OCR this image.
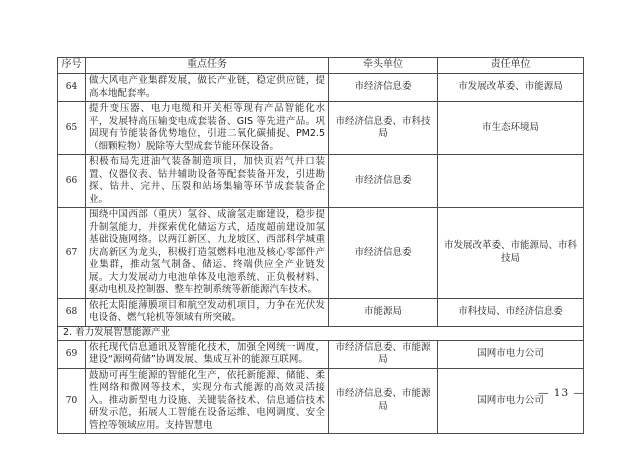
序号	重点任务	牵头单位	责任单位
64	做大风电产业集群发展，做长产业链，稳定供应链，提高本地配套率。	市经济信息委	市发展改革委、市能源局
65	提升变压器、电力电缆和开关柜等现有产品智能化水平，发展特高压输变电成套装备、GIS 等先进产品。巩固现有节能装备优势地位，引进二氧化碳捕捉、PM2.5（细颗粒物）脱除等大型成套节能环保设备。	市经济信息委、市科技局	市生态环境局
66	积极布局先进油气装备制造项目，加快页岩气井口装置、仪器仪表、钻井辅助设备等配套装备开发，引进勘探、钻井、完井、压裂和站场集输等环节成套装备企业。	市经济信息委	
67	围绕中国西部（重庆）氢谷、成渝氢走廊建设，稳步提升制氢能力，并探索优化储运方式，适度超前建设加氢基础设施网络。以两江新区、九龙坡区、西部科学城重庆高新区为龙头，积极打造氢燃料电池及核心零部件产业集群，推动氢气制备、储运、终端供应全产业链发展。大力发展动力电池单体及电池系统、正负极材料、驱动电机及控制器、整车控制系统等新能源汽车技术。	市经济信息委	市发展改革委、市能源局、市科技局
68	依托太阳能薄膜项目和航空发动机项目，力争在光伏发电设备、燃气轮机等领域有所突破。	市能源局	市科技局、市经济信息委
2. 着力发展智慧能源产业			
69	依托现代信息通讯及智能化技术，加强全网统一调度，建设“源网荷储”协调发展、集成互补的能源互联网。	市经济信息委、市能源局	国网市电力公司
70	鼓励可再生能源的智能化生产，依托新能源、储能、柔性网络和微网等技术，实现分布式能源的高效灵活接入。推动新型电力设施、关键装备技术、信息通信技术研发示范，拓展人工智能在设备运维、电网调度、安全管控等领域应用。支持智慧电	市经济信息委、市能源局	国网市电力公司
— 13 —
